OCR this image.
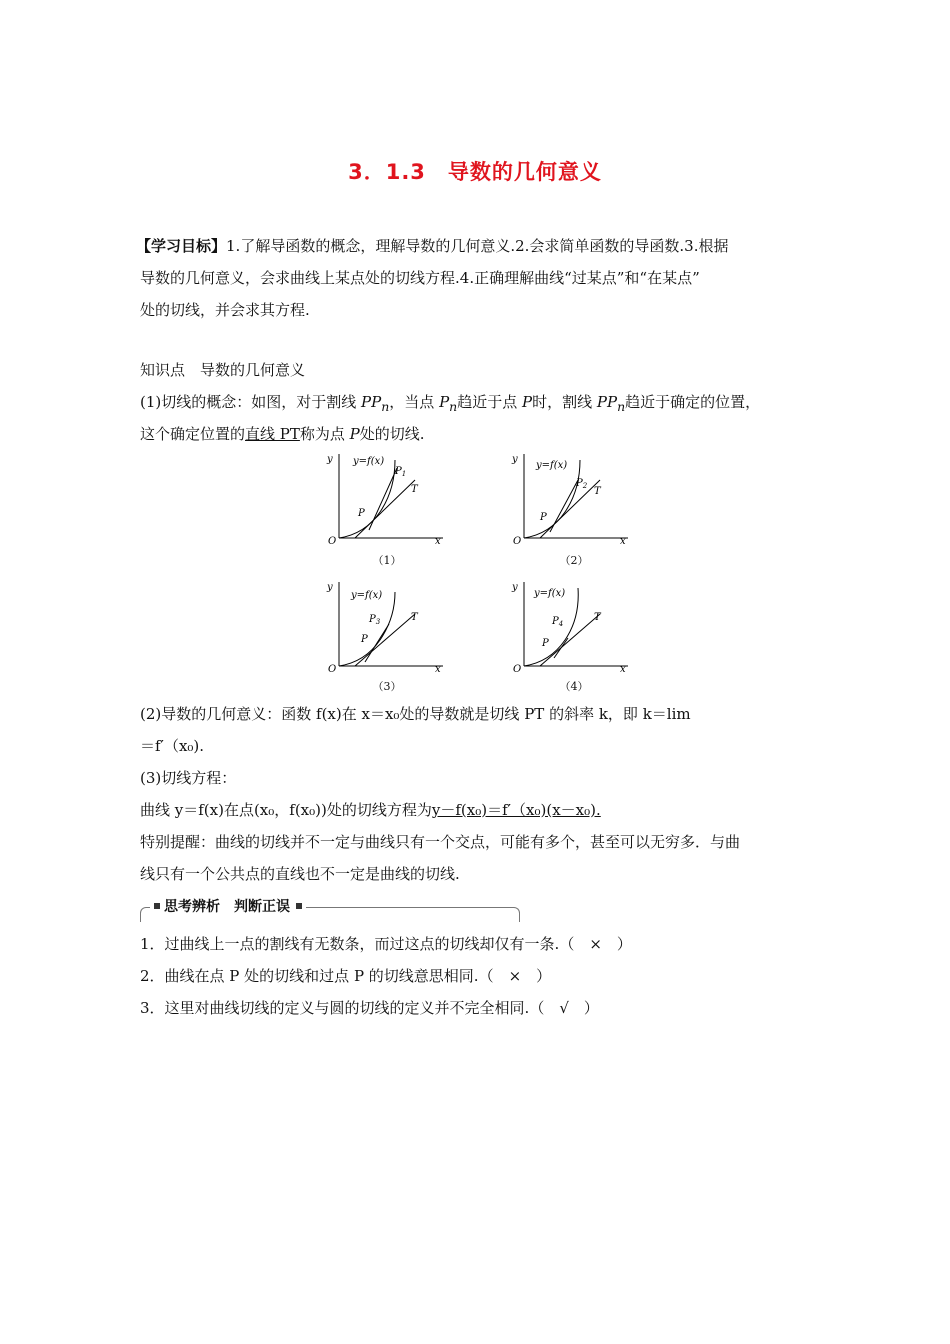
3．1.3　导数的几何意义
【学习目标】1.了解导函数的概念，理解导数的几何意义.2.会求简单函数的导函数.3.根据
导数的几何意义，会求曲线上某点处的切线方程.4.正确理解曲线“过某点”和“在某点”
处的切线，并会求其方程.
知识点　导数的几何意义
(1)切线的概念：如图，对于割线 $PP_n$，当点 $P_n$趋近于点 P时，割线 $PP_n$趋近于确定的位置，
这个确定位置的直线 PT称为点 P处的切线.
y
x
O
y=f(x)
$P_1$
T
P
（1）
y
x
O
y=f(x)
$P_2$ T
P
（2）
y
x
O
y=f(x)
$P_3$	T
P
（3）
y
x
O
y=f(x)
$P_4$
T
P
（4）
(2)导数的几何意义：函数 f(x)在 x＝x₀处的导数就是切线 PT 的斜率 k，即 k＝lim
＝f′（x₀).
(3)切线方程：
曲线 y＝f(x)在点(x₀，f(x₀))处的切线方程为y－f(x₀)＝f′（x₀)(x－x₀).
特别提醒：曲线的切线并不一定与曲线只有一个交点，可能有多个，甚至可以无穷多．与曲
线只有一个公共点的直线也不一定是曲线的切线.
思考辨析　判断正误
1．过曲线上一点的割线有无数条，而过这点的切线却仅有一条.（　×　）
2．曲线在点 P 处的切线和过点 P 的切线意思相同.（　×　）
3．这里对曲线切线的定义与圆的切线的定义并不完全相同.（　√　）
